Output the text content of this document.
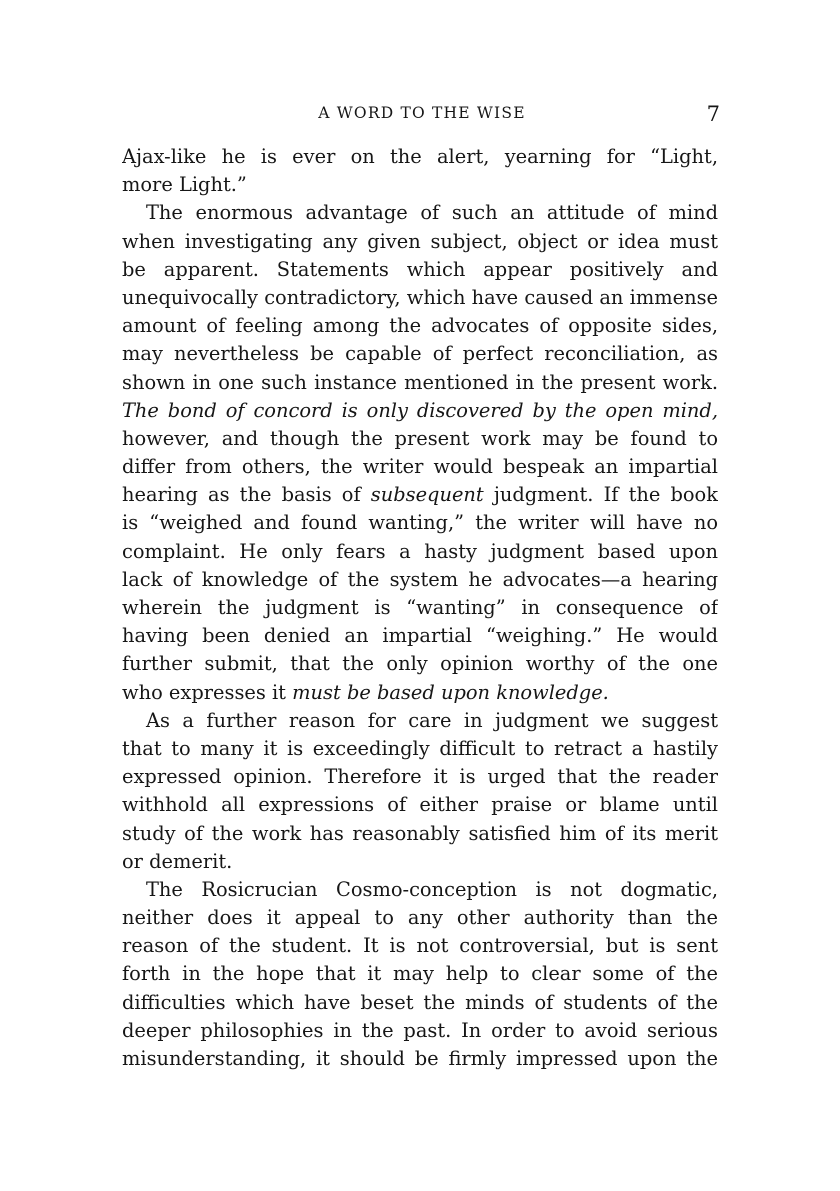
A WORD TO THE WISE	7
Ajax-like he is ever on the alert, yearning for “Light,
more Light.”
The enormous advantage of such an attitude of mind
when investigating any given subject, object or idea must
be apparent. Statements which appear positively and
unequivocally contradictory, which have caused an immense
amount of feeling among the advocates of opposite sides,
may nevertheless be capable of perfect reconciliation, as
shown in one such instance mentioned in the present work.
The bond of concord is only discovered by the open mind,
however, and though the present work may be found to
differ from others, the writer would bespeak an impartial
hearing as the basis of subsequent judgment. If the book
is “weighed and found wanting,” the writer will have no
complaint. He only fears a hasty judgment based upon
lack of knowledge of the system he advocates—a hearing
wherein the judgment is “wanting” in consequence of
having been denied an impartial “weighing.” He would
further submit, that the only opinion worthy of the one
who expresses it must be based upon knowledge.
As a further reason for care in judgment we suggest
that to many it is exceedingly difficult to retract a hastily
expressed opinion. Therefore it is urged that the reader
withhold all expressions of either praise or blame until
study of the work has reasonably satisfied him of its merit
or demerit.
The Rosicrucian Cosmo-conception is not dogmatic,
neither does it appeal to any other authority than the
reason of the student. It is not controversial, but is sent
forth in the hope that it may help to clear some of the
difficulties which have beset the minds of students of the
deeper philosophies in the past. In order to avoid serious
misunderstanding, it should be firmly impressed upon the
